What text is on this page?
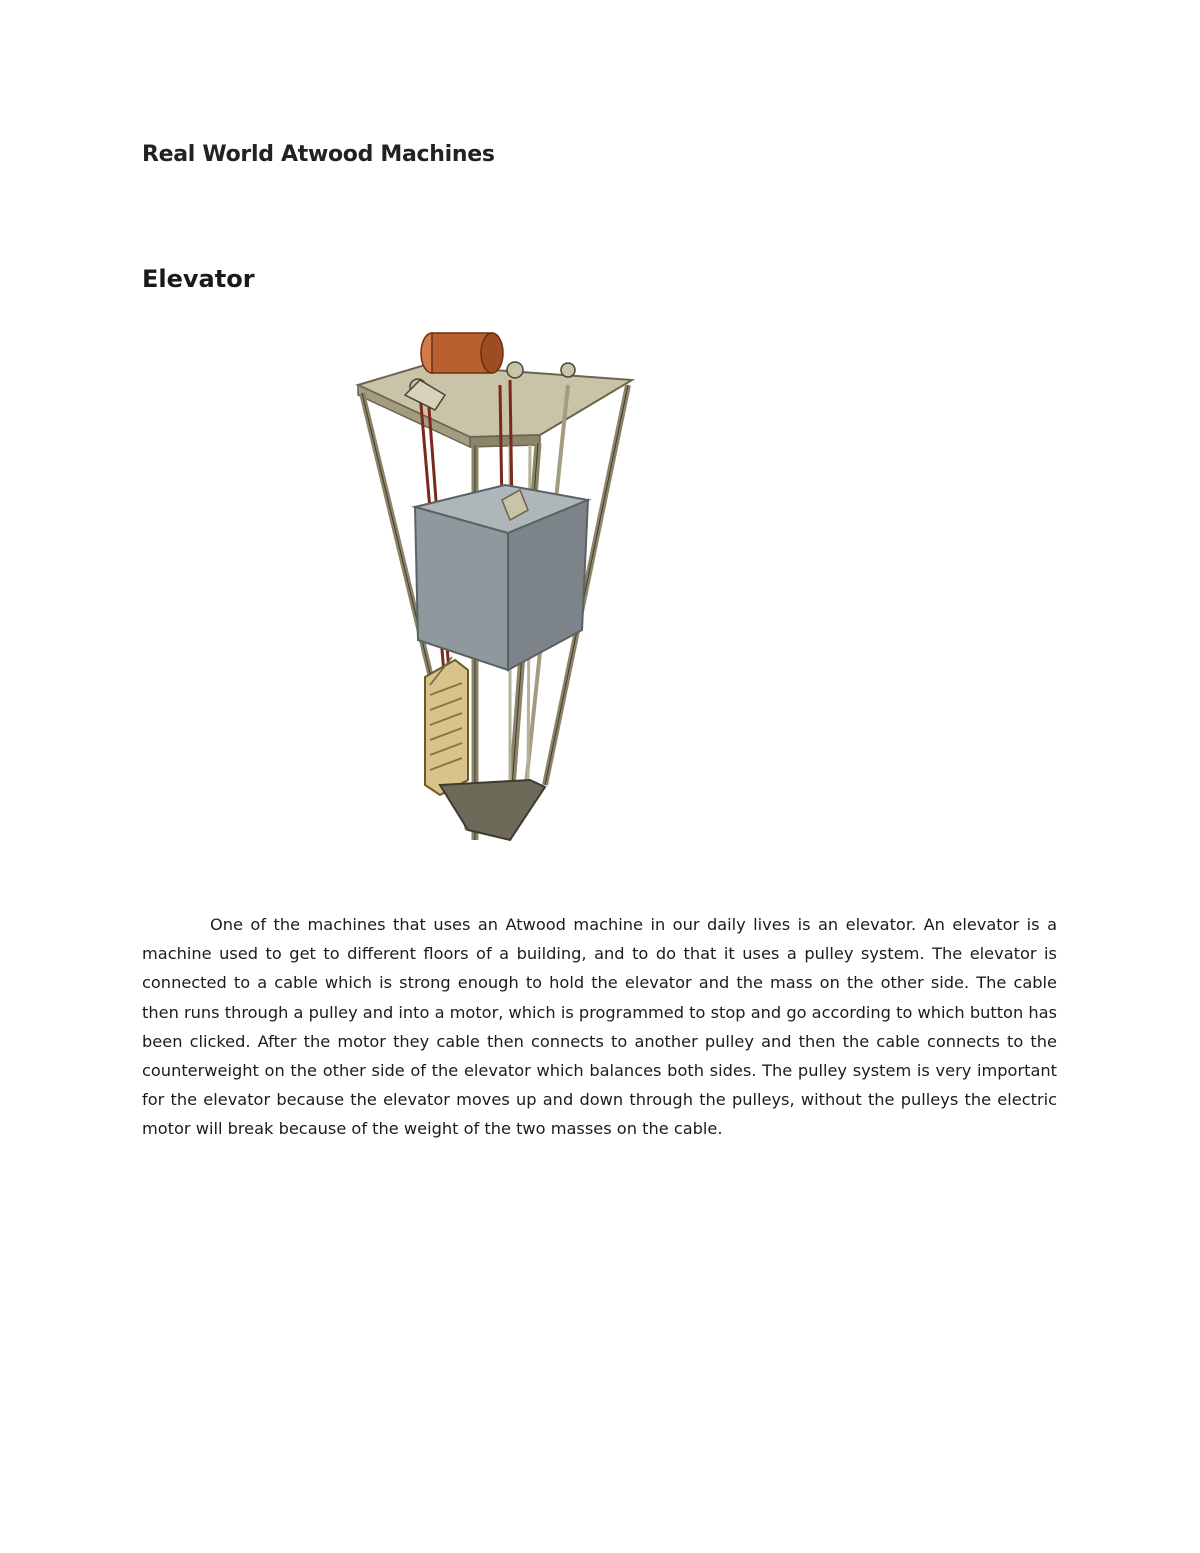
Real World Atwood Machines
Elevator

One of the machines that uses an Atwood machine in our daily lives is an elevator. An elevator is a machine used to get to different floors of a building, and to do that it uses a pulley system. The elevator is connected to a cable which is strong enough to hold the elevator and the mass on the other side. The cable then runs through a pulley and into a motor, which is programmed to stop and go according to which button has been clicked. After the motor they cable then connects to another pulley and then the cable connects to the counterweight on the other side of the elevator which balances both sides. The pulley system is very important for the elevator because the elevator moves up and down through the pulleys, without the pulleys the electric motor will break because of the weight of the two masses on the cable.
